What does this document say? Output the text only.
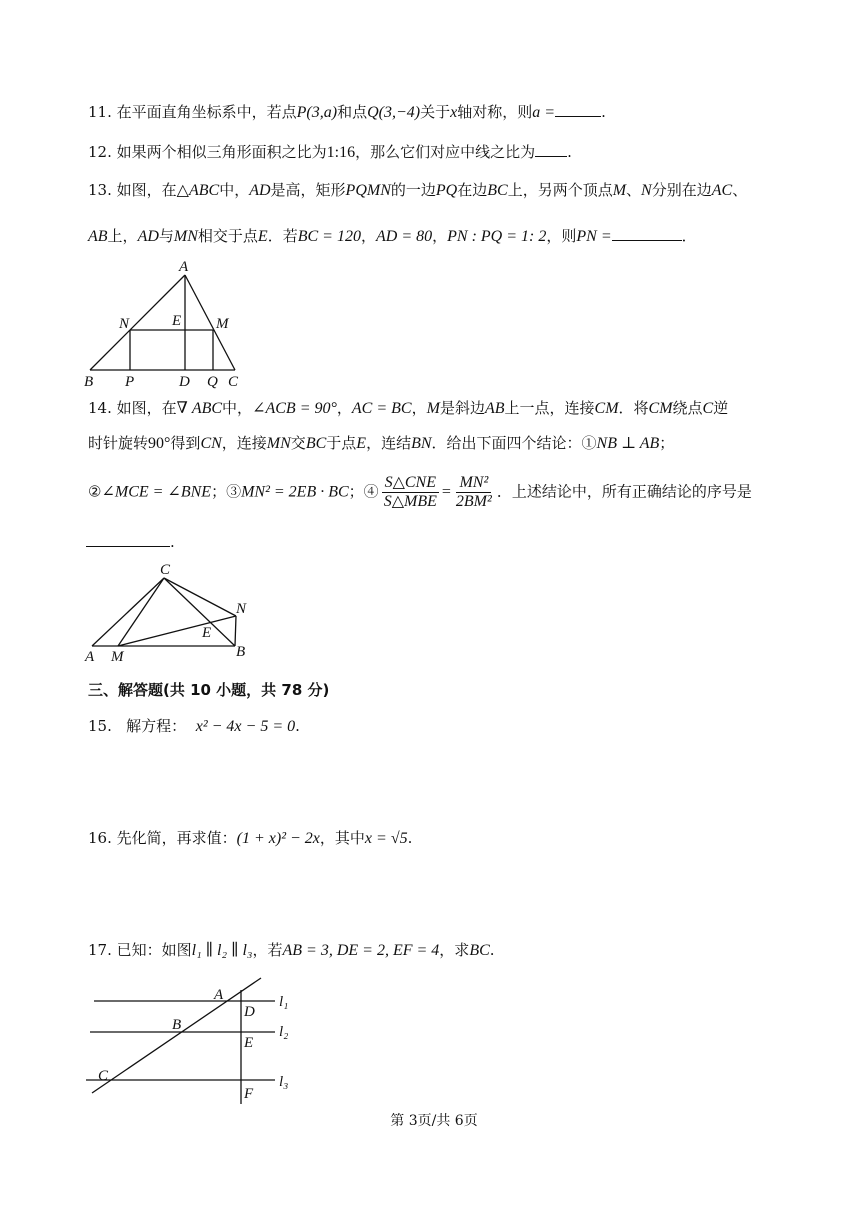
11. 在平面直角坐标系中，若点P(3,a)和点Q(3,−4)关于x轴对称，则a =	.
12. 如果两个相似三角形面积之比为1:16，那么它们对应中线之比为 .
13. 如图，在△ABC中，AD是高，矩形PQMN的一边PQ在边BC上，另两个顶点M、N分别在边AC、
AB上，AD与MN相交于点E．若BC = 120，AD = 80，PN : PQ = 1: 2，则PN =	．
A
N	E M
B P	D Q C
14. 如图，在∇ ABC中，∠ACB = 90°，AC = BC，M是斜边AB上一点，连接CM．将CM绕点C逆
时针旋转90°得到CN，连接MN交BC于点E，连结BN．给出下面四个结论：①NB ⊥ AB；
②∠MCE = ∠BNE；③MN² = 2EB · BC；④ $\frac{\text{S△CNE}}{\text{S△MBE}} = \frac{\text{MN²}}{\text{2BM²}}$ ．上述结论中，所有正确结论的序号是
.
C
N
E
A M	B
三、解答题(共 10 小题，共 78 分)
15. 解方程： x² − 4x − 5 = 0.
16. 先化简，再求值：(1 + x)² − 2x，其中x = √5.
17. 已知：如图l₁ ∥ l₂ ∥ l₃，若AB = 3, DE = 2, EF = 4，求BC.
A
D
l₁
B
E
l₂
C	l₃
F
第 3页/共 6页
